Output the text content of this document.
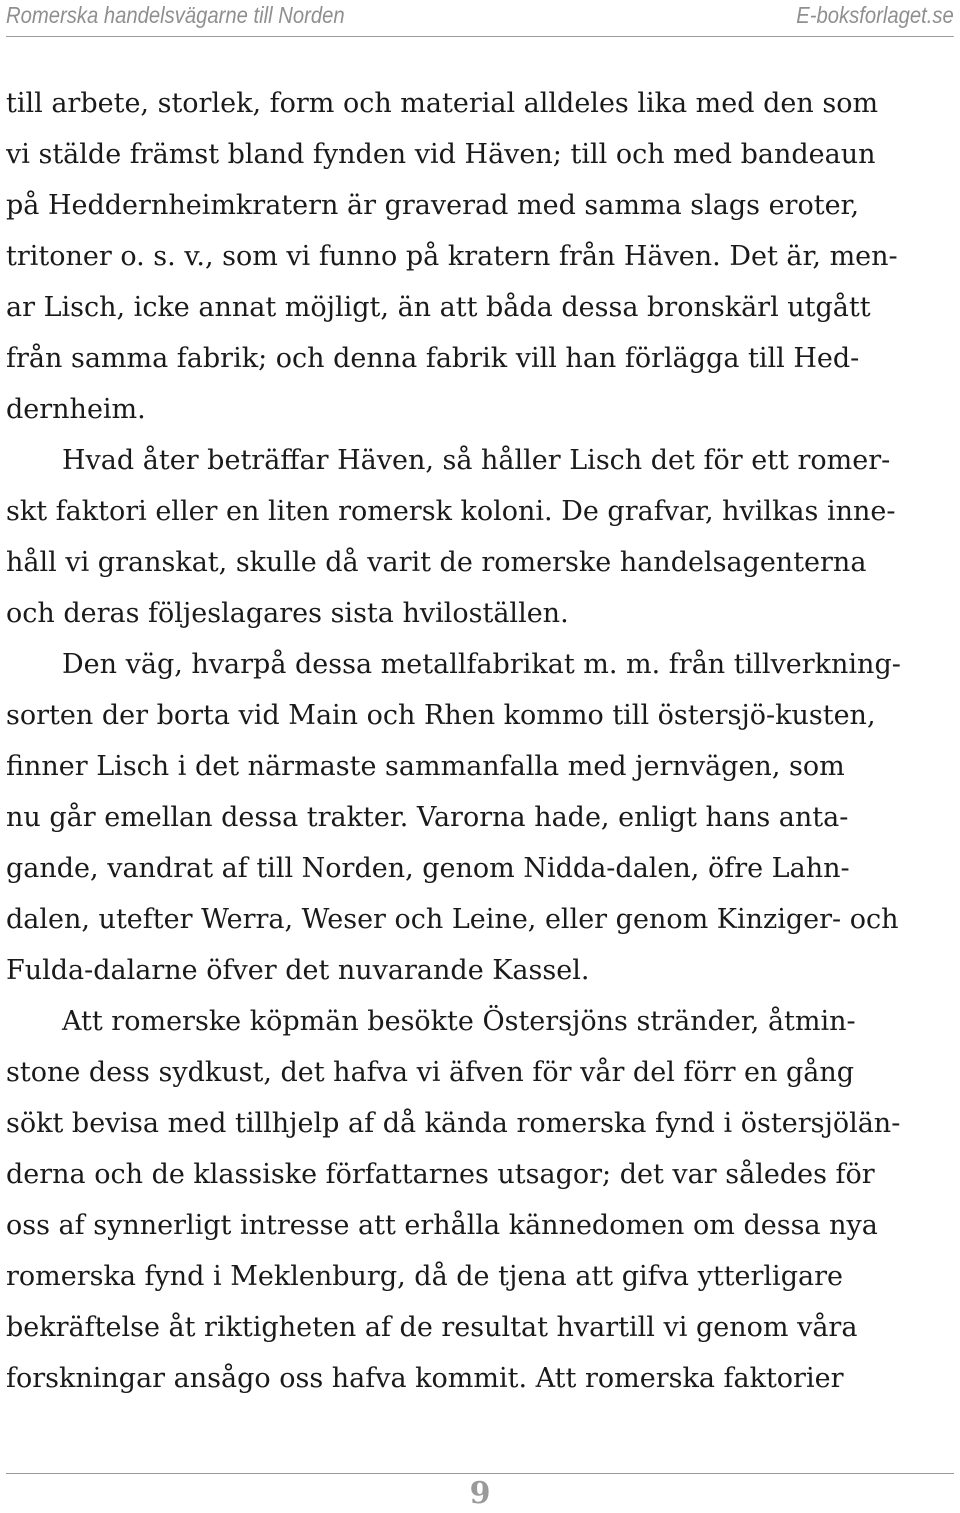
Romerska handelsvägarne till Norden	E-boksforlaget.se

till arbete, storlek, form och material alldeles lika med den som
vi stälde främst bland fynden vid Häven; till och med bandeaun
på Heddernheimkratern är graverad med samma slags eroter,
tritoner o. s. v., som vi funno på kratern från Häven. Det är, men-
ar Lisch, icke annat möjligt, än att båda dessa bronskärl utgått
från samma fabrik; och denna fabrik vill han förlägga till Hed-
dernheim.

Hvad åter beträffar Häven, så håller Lisch det för ett romer-
skt faktori eller en liten romersk koloni. De grafvar, hvilkas inne-
håll vi granskat, skulle då varit de romerske handelsagenterna
och deras följeslagares sista hviloställen.

Den väg, hvarpå dessa metallfabrikat m. m. från tillverkning-
sorten der borta vid Main och Rhen kommo till östersjö-kusten,
finner Lisch i det närmaste sammanfalla med jernvägen, som
nu går emellan dessa trakter. Varorna hade, enligt hans anta-
gande, vandrat af till Norden, genom Nidda-dalen, öfre Lahn-
dalen, utefter Werra, Weser och Leine, eller genom Kinziger- och
Fulda-dalarne öfver det nuvarande Kassel.

Att romerske köpmän besökte Östersjöns stränder, åtmin-
stone dess sydkust, det hafva vi äfven för vår del förr en gång
sökt bevisa med tillhjelp af då kända romerska fynd i östersjölän-
derna och de klassiske författarnes utsagor; det var således för
oss af synnerligt intresse att erhålla kännedomen om dessa nya
romerska fynd i Meklenburg, då de tjena att gifva ytterligare
bekräftelse åt riktigheten af de resultat hvartill vi genom våra
forskningar ansågo oss hafva kommit. Att romerska faktorier

9
